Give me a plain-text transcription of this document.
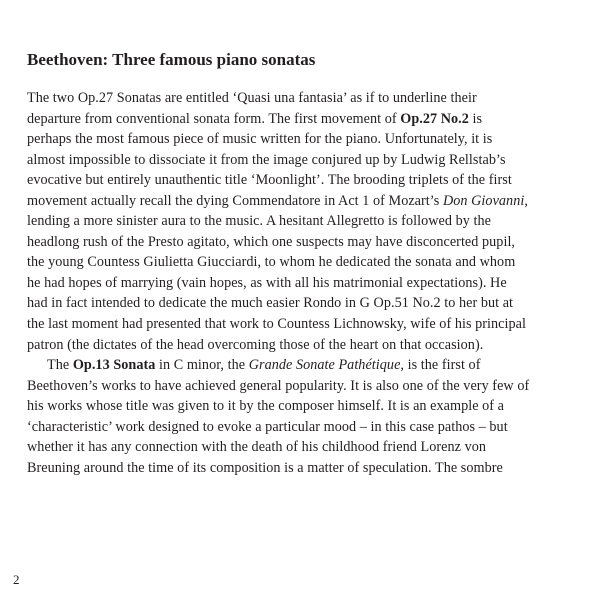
Beethoven: Three famous piano sonatas
The two Op.27 Sonatas are entitled ‘Quasi una fantasia’ as if to underline their
departure from conventional sonata form. The first movement of Op.27 No.2 is
perhaps the most famous piece of music written for the piano. Unfortunately, it is
almost impossible to dissociate it from the image conjured up by Ludwig Rellstab’s
evocative but entirely unauthentic title ‘Moonlight’. The brooding triplets of the first
movement actually recall the dying Commendatore in Act 1 of Mozart’s Don Giovanni,
lending a more sinister aura to the music. A hesitant Allegretto is followed by the
headlong rush of the Presto agitato, which one suspects may have disconcerted pupil,
the young Countess Giulietta Giucciardi, to whom he dedicated the sonata and whom
he had hopes of marrying (vain hopes, as with all his matrimonial expectations). He
had in fact intended to dedicate the much easier Rondo in G Op.51 No.2 to her but at
the last moment had presented that work to Countess Lichnowsky, wife of his principal
patron (the dictates of the head overcoming those of the heart on that occasion).
The Op.13 Sonata in C minor, the Grande Sonate Pathétique, is the first of
Beethoven’s works to have achieved general popularity. It is also one of the very few of
his works whose title was given to it by the composer himself. It is an example of a
‘characteristic’ work designed to evoke a particular mood – in this case pathos – but
whether it has any connection with the death of his childhood friend Lorenz von
Breuning around the time of its composition is a matter of speculation. The sombre
2
